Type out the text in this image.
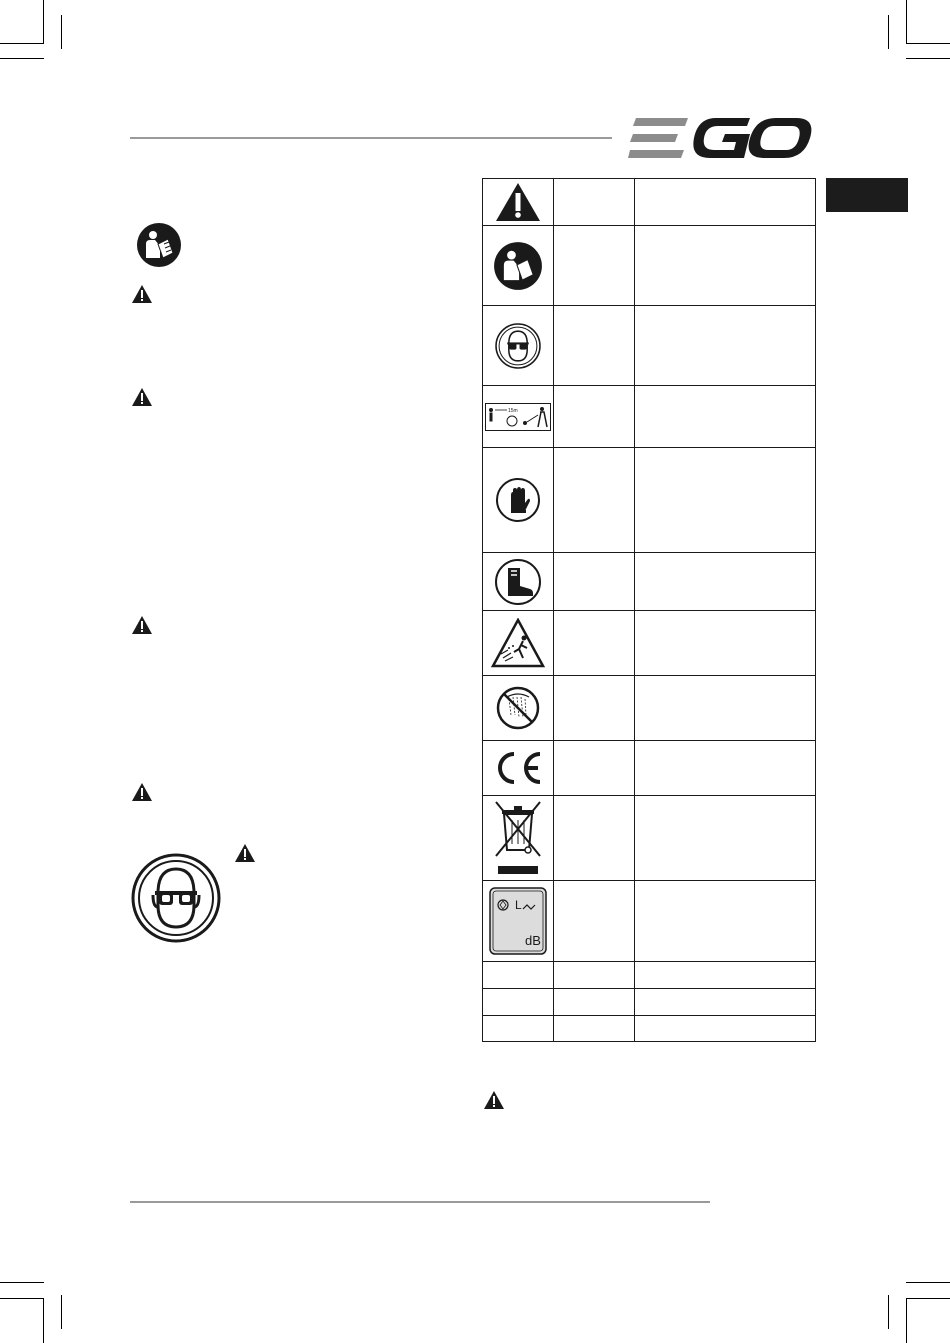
15m		

L
dB		
